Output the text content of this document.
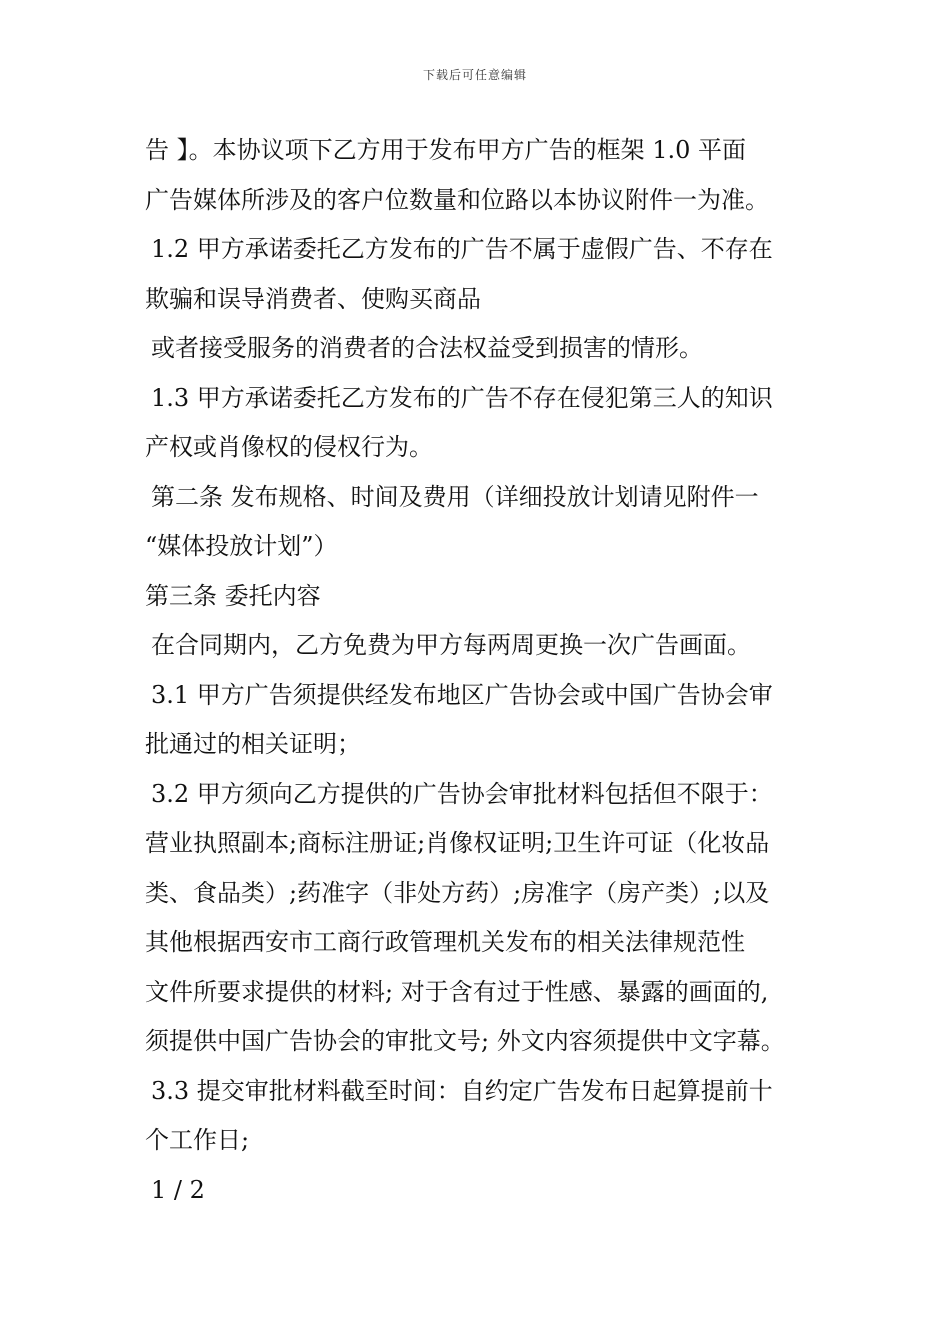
下载后可任意编辑
告 】。本协议项下乙方用于发布甲方广告的框架 1.0 平面
广告媒体所涉及的客户位数量和位路以本协议附件一为准。
1.2 甲方承诺委托乙方发布的广告不属于虚假广告、不存在
欺骗和误导消费者、使购买商品
或者接受服务的消费者的合法权益受到损害的情形。
1.3 甲方承诺委托乙方发布的广告不存在侵犯第三人的知识
产权或肖像权的侵权行为。
第二条 发布规格、时间及费用（详细投放计划请见附件一
“媒体投放计划”）
第三条 委托内容
在合同期内，乙方免费为甲方每两周更换一次广告画面。
3.1 甲方广告须提供经发布地区广告协会或中国广告协会审
批通过的相关证明；
3.2 甲方须向乙方提供的广告协会审批材料包括但不限于：
营业执照副本;商标注册证;肖像权证明;卫生许可证（化妆品
类、食品类）;药准字（非处方药）;房准字（房产类）;以及
其他根据西安市工商行政管理机关发布的相关法律规范性
文件所要求提供的材料; 对于含有过于性感、暴露的画面的,
须提供中国广告协会的审批文号; 外文内容须提供中文字幕。
3.3 提交审批材料截至时间：自约定广告发布日起算提前十
个工作日;
1 / 2
